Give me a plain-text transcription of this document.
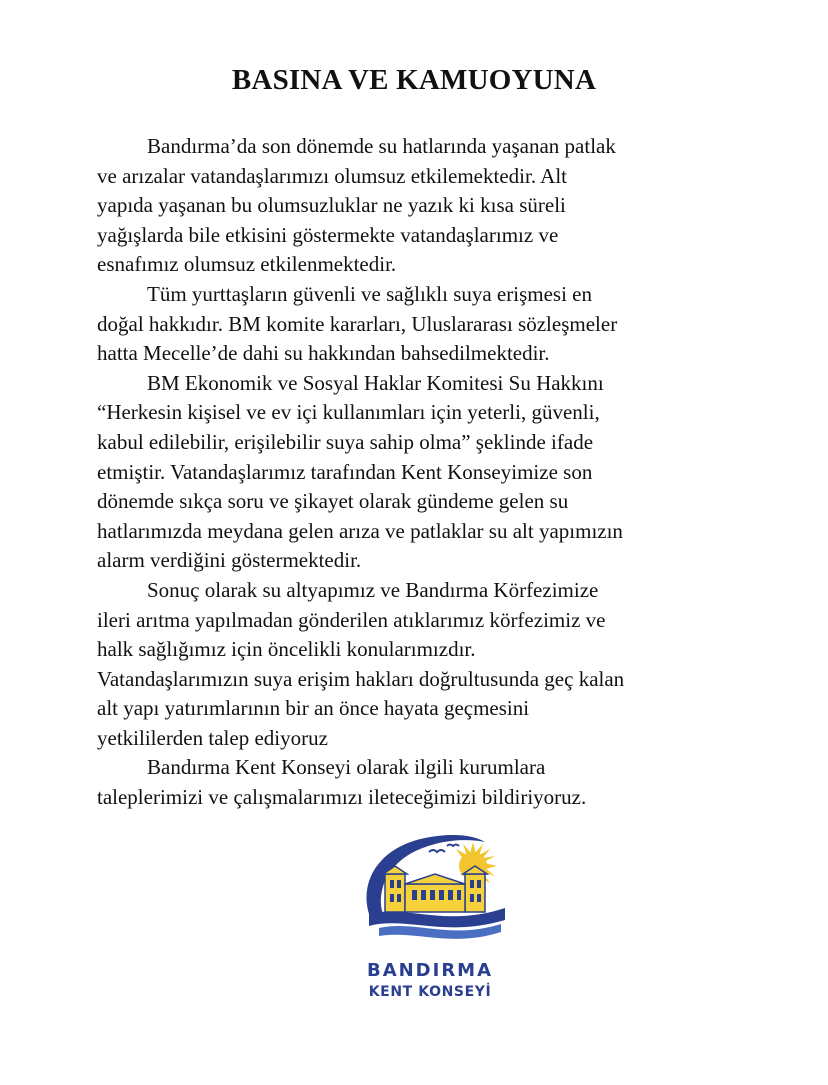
BASINA VE KAMUOYUNA

Bandırma’da son dönemde su hatlarında yaşanan patlak
ve arızalar vatandaşlarımızı olumsuz etkilemektedir. Alt
yapıda yaşanan bu olumsuzluklar ne yazık ki kısa süreli
yağışlarda bile etkisini göstermekte vatandaşlarımız ve
esnafımız olumsuz etkilenmektedir.

Tüm yurttaşların güvenli ve sağlıklı suya erişmesi en
doğal hakkıdır. BM komite kararları, Uluslararası sözleşmeler
hatta Mecelle’de dahi su hakkından bahsedilmektedir.

BM Ekonomik ve Sosyal Haklar Komitesi Su Hakkını
“Herkesin kişisel ve ev içi kullanımları için yeterli, güvenli,
kabul edilebilir, erişilebilir suya sahip olma” şeklinde ifade
etmiştir. Vatandaşlarımız tarafından Kent Konseyimize son
dönemde sıkça soru ve şikayet olarak gündeme gelen su
hatlarımızda meydana gelen arıza ve patlaklar su alt yapımızın
alarm verdiğini göstermektedir.

Sonuç olarak su altyapımız ve Bandırma Körfezimize
ileri arıtma yapılmadan gönderilen atıklarımız körfezimiz ve
halk sağlığımız için öncelikli konularımızdır.
Vatandaşlarımızın suya erişim hakları doğrultusunda geç kalan
alt yapı yatırımlarının bir an önce hayata geçmesini
yetkililerden talep ediyoruz

Bandırma Kent Konseyi olarak ilgili kurumlara
taleplerimizi ve çalışmalarımızı ileteceğimizi bildiriyoruz.

BANDIRMA
KENT KONSEYİ
